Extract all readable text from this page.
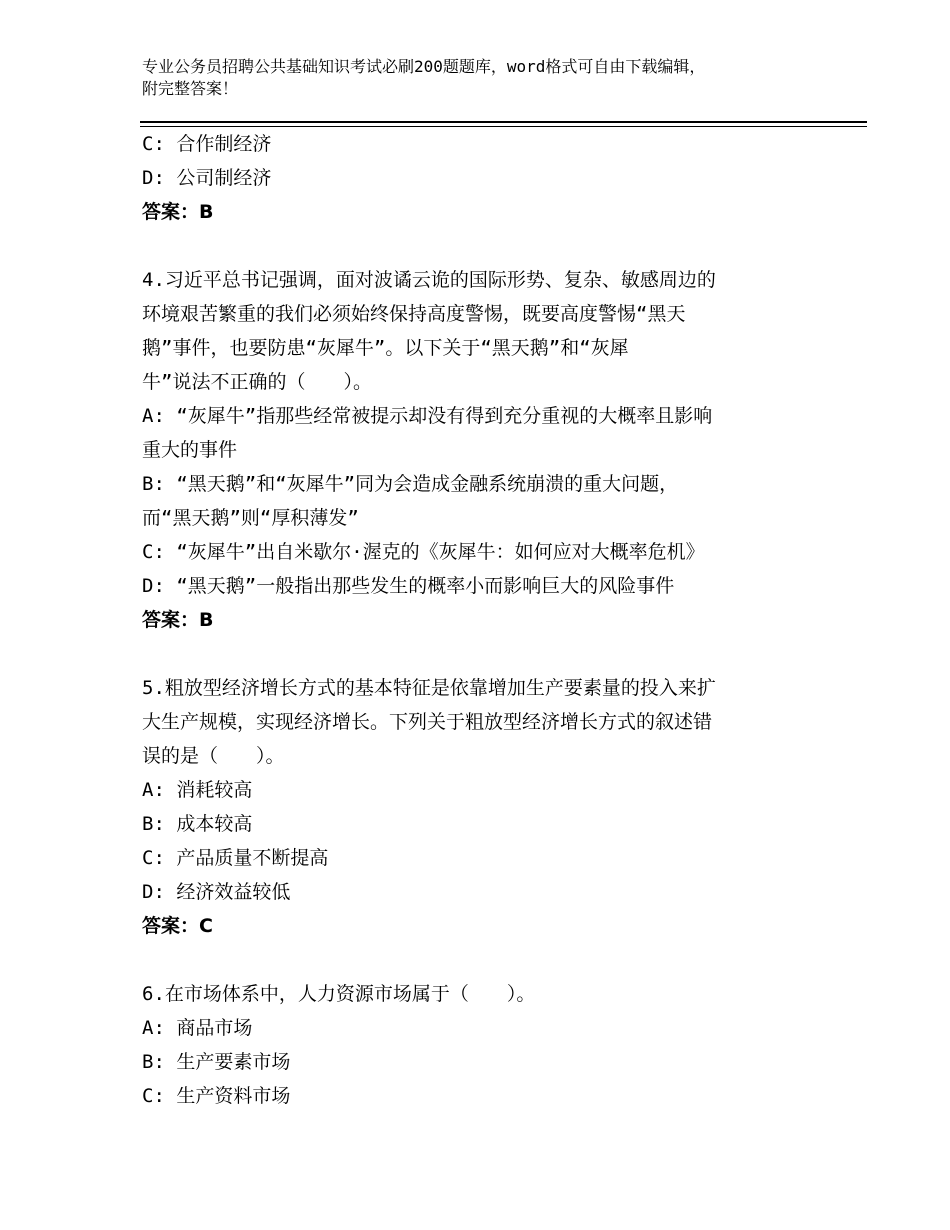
专业公务员招聘公共基础知识考试必刷200题题库，word格式可自由下载编辑，
附完整答案！

C: 合作制经济

D: 公司制经济

答案：B

4.习近平总书记强调，面对波谲云诡的国际形势、复杂、敏感周边的

环境艰苦繁重的我们必须始终保持高度警惕，既要高度警惕“黑天

鹅”事件，也要防患“灰犀牛”。以下关于“黑天鹅”和“灰犀

牛”说法不正确的（　　）。

A: “灰犀牛”指那些经常被提示却没有得到充分重视的大概率且影响

重大的事件

B: “黑天鹅”和“灰犀牛”同为会造成金融系统崩溃的重大问题，

而“黑天鹅”则“厚积薄发”

C: “灰犀牛”出自米歇尔·渥克的《灰犀牛：如何应对大概率危机》

D: “黑天鹅”一般指出那些发生的概率小而影响巨大的风险事件

答案：B

5.粗放型经济增长方式的基本特征是依靠增加生产要素量的投入来扩

大生产规模，实现经济增长。下列关于粗放型经济增长方式的叙述错

误的是（　　）。

A: 消耗较高

B: 成本较高

C: 产品质量不断提高

D: 经济效益较低

答案：C

6.在市场体系中，人力资源市场属于（　　）。

A: 商品市场

B: 生产要素市场

C: 生产资料市场
